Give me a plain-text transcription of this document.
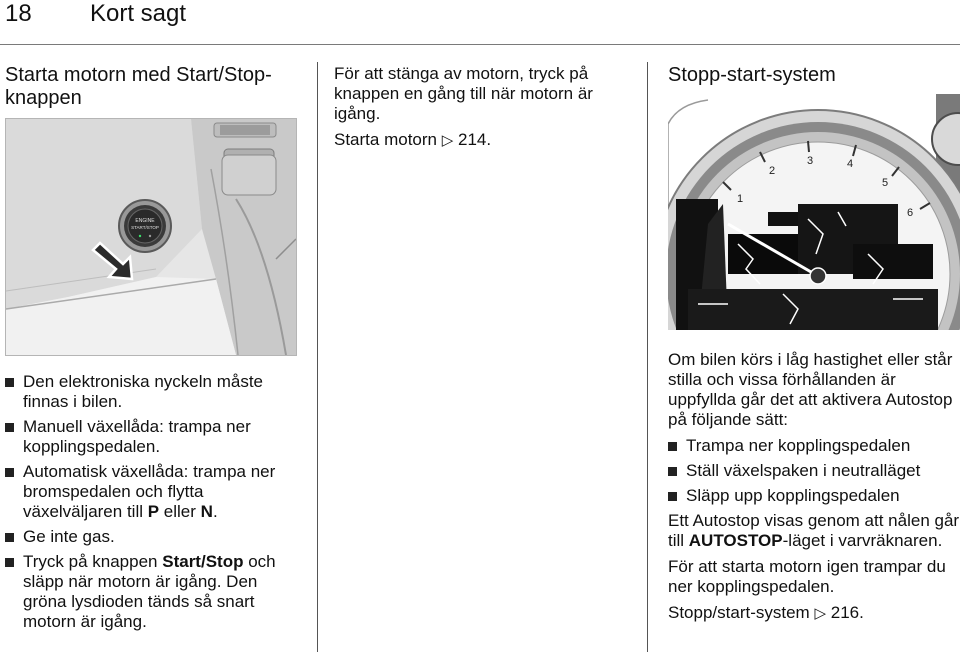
18 Kort sagt
Starta motorn med Start/Stop-knappen
ENGINE
START/STOP
Den elektroniska nyckeln måste finnas i bilen.
Manuell växellåda: trampa ner kopplingspedalen.
Automatisk växellåda: trampa ner bromspedalen och flytta växelväljaren till P eller N.
Ge inte gas.
Tryck på knappen Start/Stop och släpp när motorn är igång. Den gröna lysdioden tänds så snart motorn är igång.

För att stänga av motorn, tryck på knappen en gång till när motorn är igång.

Starta motorn ▷ 214.

Stopp-start-system
1
2
3	4
5
6

Om bilen körs i låg hastighet eller står stilla och vissa förhållanden är uppfyllda går det att aktivera Autostop på följande sätt:

Trampa ner kopplingspedalen
Ställ växelspaken i neutralläget
Släpp upp kopplingspedalen

Ett Autostop visas genom att nålen går till AUTOSTOP-läget i varvräknaren.

För att starta motorn igen trampar du ner kopplingspedalen.

Stopp/start-system ▷ 216.
